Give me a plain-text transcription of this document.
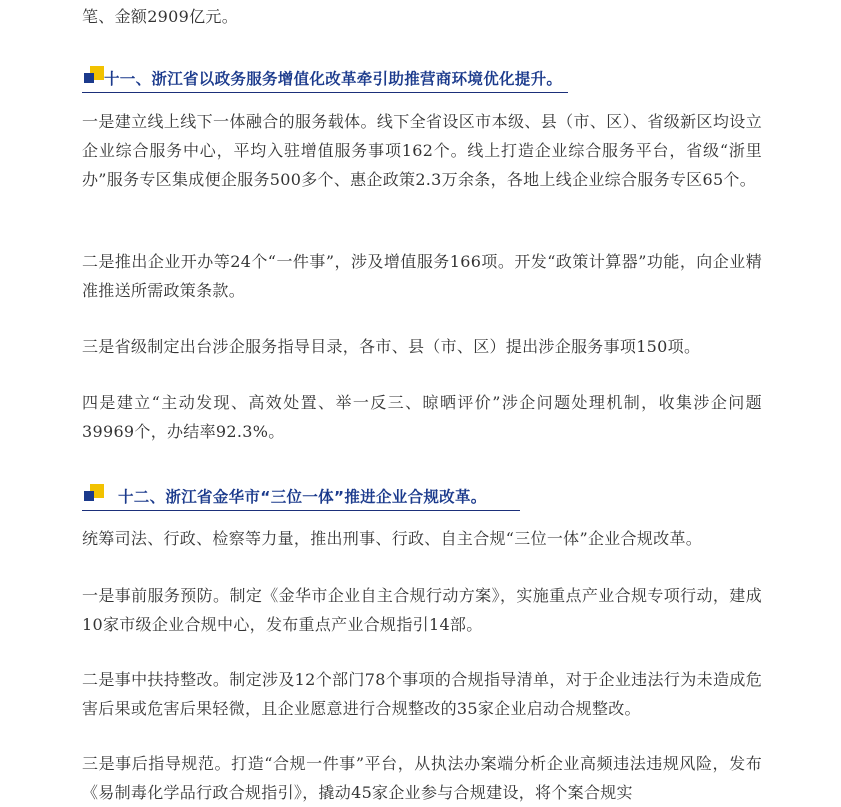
笔、金额2909亿元。

十一、浙江省以政务服务增值化改革牵引助推营商环境优化提升。

一是建立线上线下一体融合的服务载体。线下全省设区市本级、县（市、区）、省级新区均设立企业综合服务中心，平均入驻增值服务事项162个。线上打造企业综合服务平台，省级“浙里办”服务专区集成便企服务500多个、惠企政策2.3万余条，各地上线企业综合服务专区65个。

二是推出企业开办等24个“一件事”，涉及增值服务166项。开发“政策计算器”功能，向企业精准推送所需政策条款。

三是省级制定出台涉企服务指导目录，各市、县（市、区）提出涉企服务事项150项。

四是建立“主动发现、高效处置、举一反三、晾晒评价”涉企问题处理机制，收集涉企问题39969个，办结率92.3%。

十二、浙江省金华市“三位一体”推进企业合规改革。

统筹司法、行政、检察等力量，推出刑事、行政、自主合规“三位一体”企业合规改革。

一是事前服务预防。制定《金华市企业自主合规行动方案》，实施重点产业合规专项行动，建成10家市级企业合规中心，发布重点产业合规指引14部。

二是事中扶持整改。制定涉及12个部门78个事项的合规指导清单，对于企业违法行为未造成危害后果或危害后果轻微，且企业愿意进行合规整改的35家企业启动合规整改。

三是事后指导规范。打造“合规一件事”平台，从执法办案端分析企业高频违法违规风险，发布《易制毒化学品行政合规指引》，撬动45家企业参与合规建设，将个案合规实
